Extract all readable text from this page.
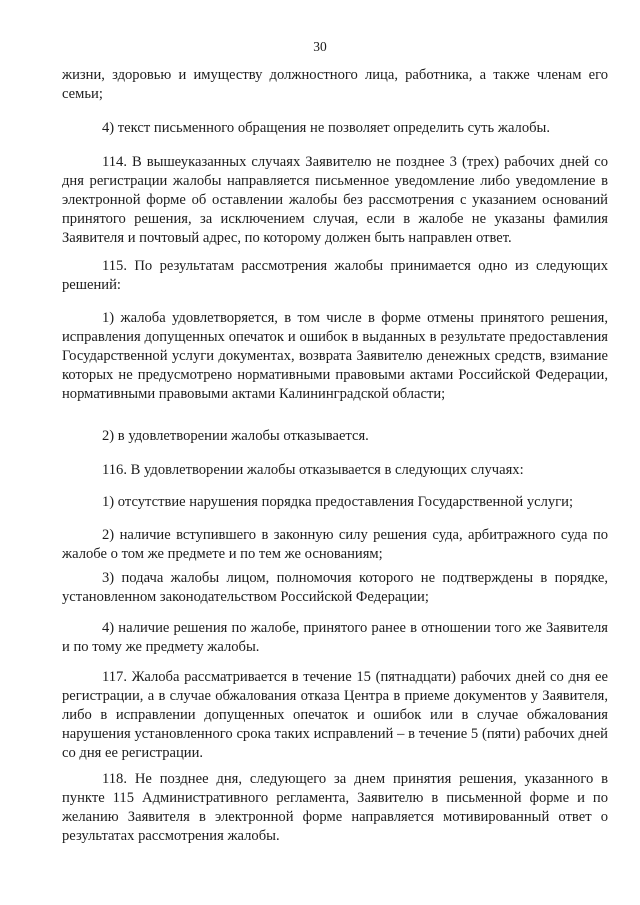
30

жизни, здоровью и имуществу должностного лица, работника, а также членам его семьи;

4) текст письменного обращения не позволяет определить суть жалобы.

114. В вышеуказанных случаях Заявителю не позднее 3 (трех) рабочих дней со дня регистрации жалобы направляется письменное уведомление либо уведомление в электронной форме об оставлении жалобы без рассмотрения с указанием оснований принятого решения, за исключением случая, если в жалобе не указаны фамилия Заявителя и почтовый адрес, по которому должен быть направлен ответ.

115. По результатам рассмотрения жалобы принимается одно из следующих решений:

1) жалоба удовлетворяется, в том числе в форме отмены принятого решения, исправления допущенных опечаток и ошибок в выданных в результате предоставления Государственной услуги документах, возврата Заявителю денежных средств, взимание которых не предусмотрено нормативными правовыми актами Российской Федерации, нормативными правовыми актами Калининградской области;

2) в удовлетворении жалобы отказывается.

116. В удовлетворении жалобы отказывается в следующих случаях:

1) отсутствие нарушения порядка предоставления Государственной услуги;

2) наличие вступившего в законную силу решения суда, арбитражного суда по жалобе о том же предмете и по тем же основаниям;

3) подача жалобы лицом, полномочия которого не подтверждены в порядке, установленном законодательством Российской Федерации;

4) наличие решения по жалобе, принятого ранее в отношении того же Заявителя и по тому же предмету жалобы.

117. Жалоба рассматривается в течение 15 (пятнадцати) рабочих дней со дня ее регистрации, а в случае обжалования отказа Центра в приеме документов у Заявителя, либо в исправлении допущенных опечаток и ошибок или в случае обжалования нарушения установленного срока таких исправлений – в течение 5 (пяти) рабочих дней со дня ее регистрации.

118. Не позднее дня, следующего за днем принятия решения, указанного в пункте 115 Административного регламента, Заявителю в письменной форме и по желанию Заявителя в электронной форме направляется мотивированный ответ о результатах рассмотрения жалобы.
